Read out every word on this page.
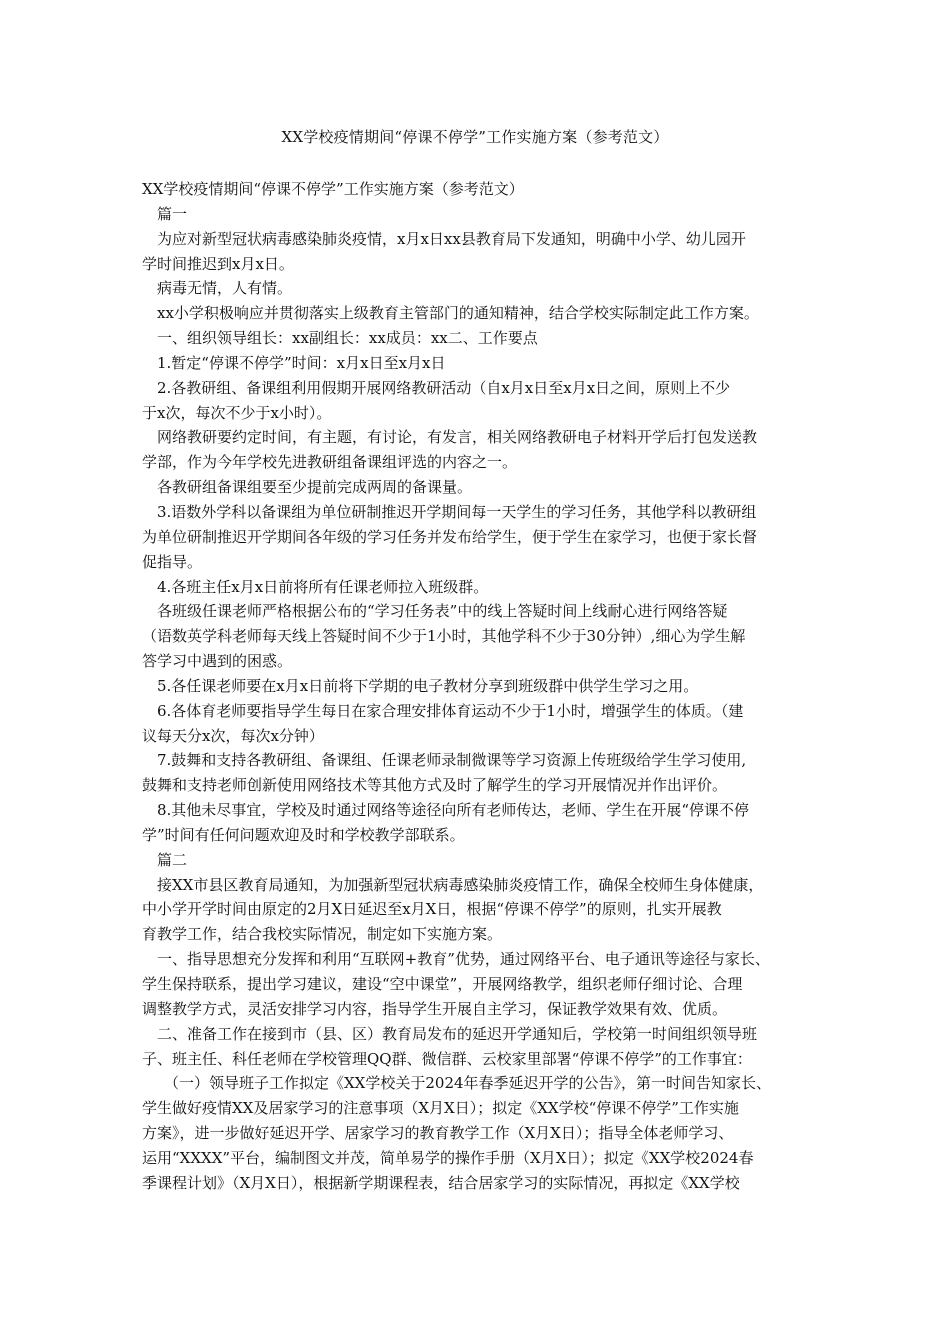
XX学校疫情期间“停课不停学”工作实施方案（参考范文）

XX学校疫情期间“停课不停学”工作实施方案（参考范文）

篇一

为应对新型冠状病毒感染肺炎疫情，x月x日xx县教育局下发通知，明确中小学、幼儿园开

学时间推迟到x月x日。

病毒无情，人有情。

xx小学积极响应并贯彻落实上级教育主管部门的通知精神，结合学校实际制定此工作方案。

一、组织领导组长：xx副组长：xx成员：xx二、工作要点

1.暂定“停课不停学”时间：x月x日至x月x日

2.各教研组、备课组利用假期开展网络教研活动（自x月x日至x月x日之间，原则上不少

于x次，每次不少于x小时）。

网络教研要约定时间，有主题，有讨论，有发言，相关网络教研电子材料开学后打包发送教

学部，作为今年学校先进教研组备课组评选的内容之一。

各教研组备课组要至少提前完成两周的备课量。

3.语数外学科以备课组为单位研制推迟开学期间每一天学生的学习任务，其他学科以教研组

为单位研制推迟开学期间各年级的学习任务并发布给学生，便于学生在家学习，也便于家长督

促指导。

4.各班主任x月x日前将所有任课老师拉入班级群。

各班级任课老师严格根据公布的“学习任务表”中的线上答疑时间上线耐心进行网络答疑

（语数英学科老师每天线上答疑时间不少于1小时，其他学科不少于30分钟）,细心为学生解

答学习中遇到的困惑。

5.各任课老师要在x月x日前将下学期的电子教材分享到班级群中供学生学习之用。

6.各体育老师要指导学生每日在家合理安排体育运动不少于1小时，增强学生的体质。（建

议每天分x次，每次x分钟）

7.鼓舞和支持各教研组、备课组、任课老师录制微课等学习资源上传班级给学生学习使用,

鼓舞和支持老师创新使用网络技术等其他方式及时了解学生的学习开展情况并作出评价。

8.其他未尽事宜，学校及时通过网络等途径向所有老师传达，老师、学生在开展“停课不停

学”时间有任何问题欢迎及时和学校教学部联系。

篇二

接XX市县区教育局通知，为加强新型冠状病毒感染肺炎疫情工作，确保全校师生身体健康，

中小学开学时间由原定的2月X日延迟至x月X日，根据“停课不停学”的原则，扎实开展教

育教学工作，结合我校实际情况，制定如下实施方案。

一、指导思想充分发挥和利用“互联网+教育”优势，通过网络平台、电子通讯等途径与家长、

学生保持联系，提出学习建议，建设“空中课堂”，开展网络教学，组织老师仔细讨论、合理

调整教学方式，灵活安排学习内容，指导学生开展自主学习，保证教学效果有效、优质。

二、准备工作在接到市（县、区）教育局发布的延迟开学通知后，学校第一时间组织领导班

子、班主任、科任老师在学校管理QQ群、微信群、云校家里部署“停课不停学”的工作事宜：

（一）领导班子工作拟定《XX学校关于2024年春季延迟开学的公告》，第一时间告知家长、

学生做好疫情XX及居家学习的注意事项（X月X日）；拟定《XX学校“停课不停学”工作实施

方案》，进一步做好延迟开学、居家学习的教育教学工作（X月X日）；指导全体老师学习、

运用“XXXX”平台，编制图文并茂，简单易学的操作手册（X月X日）；拟定《XX学校2024春

季课程计划》（X月X日），根据新学期课程表，结合居家学习的实际情况，再拟定《XX学校
